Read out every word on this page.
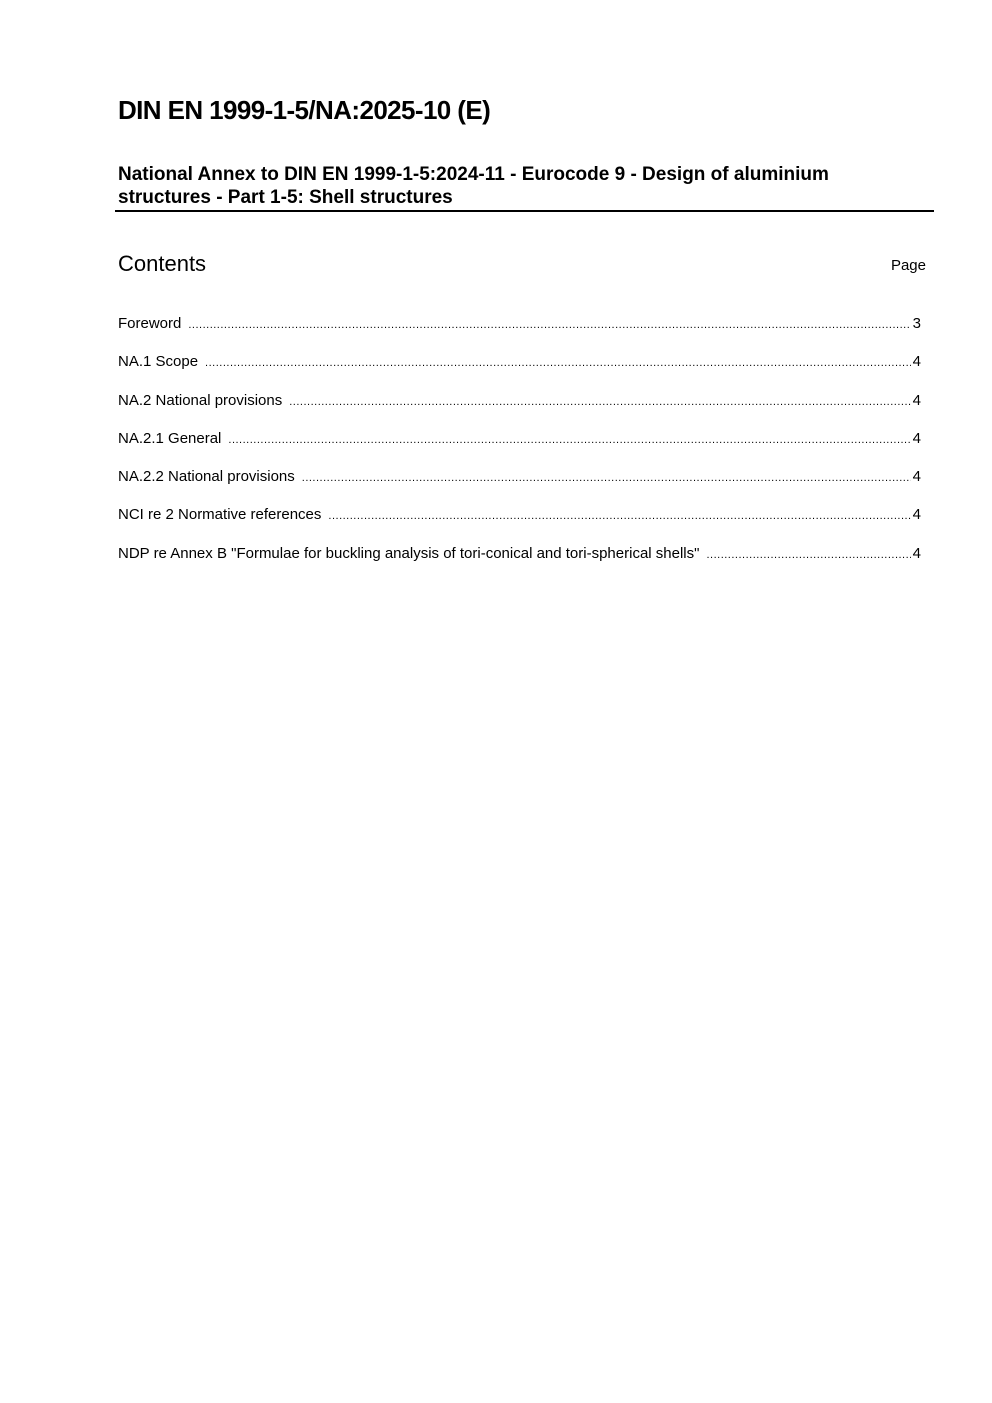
DIN EN 1999-1-5/NA:2025-10 (E)
National Annex to DIN EN 1999-1-5:2024-11 - Eurocode 9 - Design of aluminium structures - Part 1-5: Shell structures
Contents	Page
Foreword .....	3
NA.1 Scope .....	4
NA.2 National provisions .....	4
NA.2.1 General .....	4
NA.2.2 National provisions .....	4
NCI re 2 Normative references .....	4
NDP re Annex B "Formulae for buckling analysis of tori-conical and tori-spherical shells" .....	4
